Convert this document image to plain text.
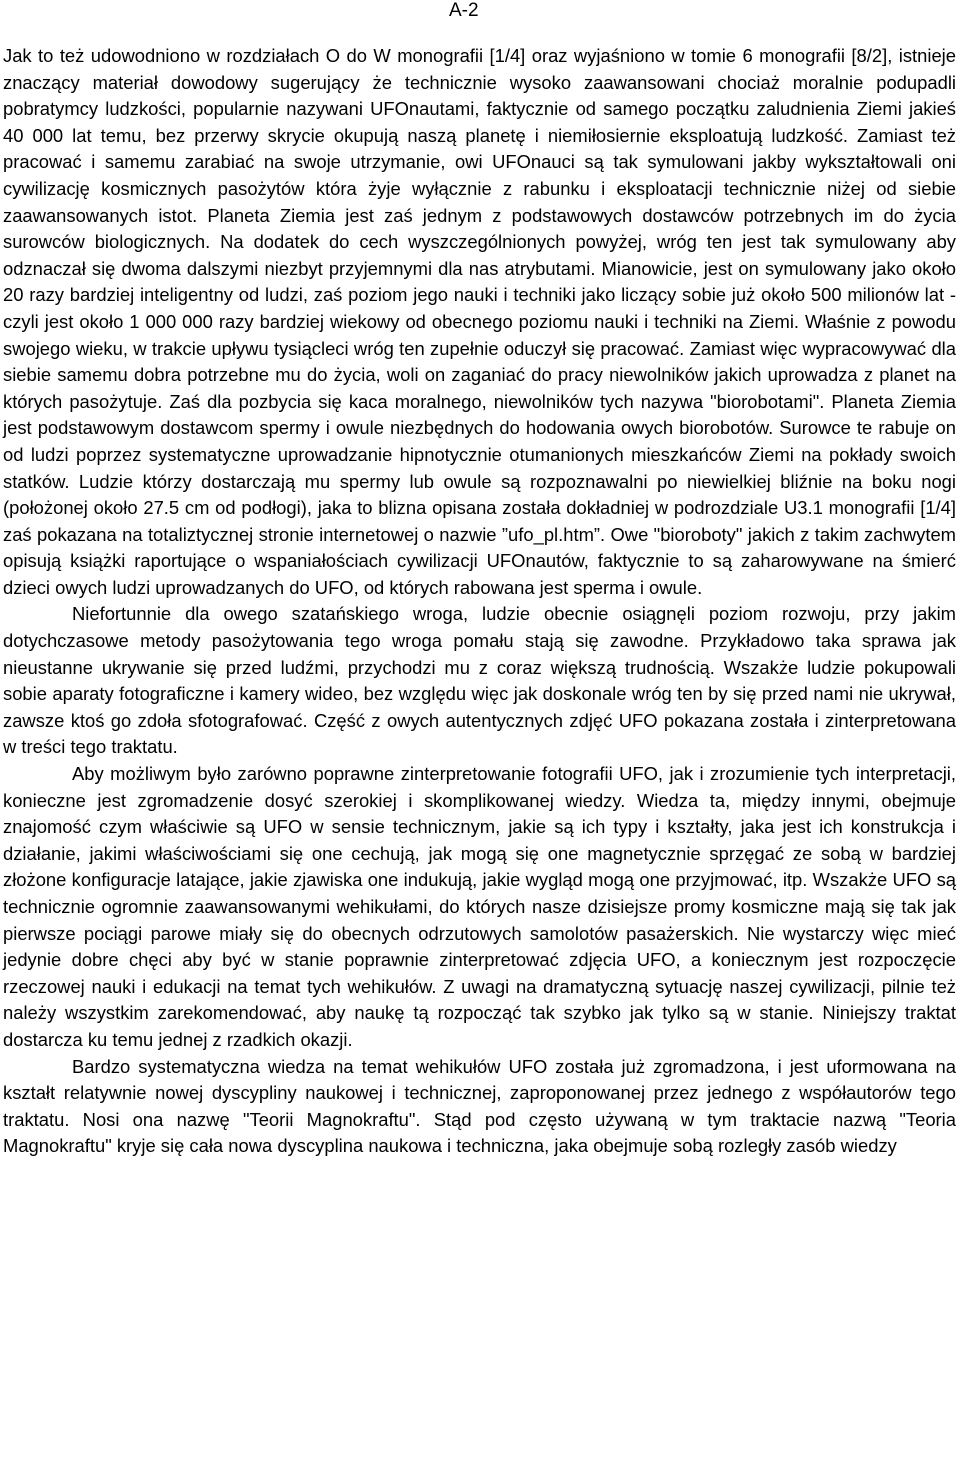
A-2

Jak to też udowodniono w rozdziałach O do W monografii [1/4] oraz wyjaśniono w tomie 6 monografii [8/2], istnieje znaczący materiał dowodowy sugerujący że technicznie wysoko zaawansowani chociaż moralnie podupadli pobratymcy ludzkości, popularnie nazywani UFOnautami, faktycznie od samego początku zaludnienia Ziemi jakieś 40 000 lat temu, bez przerwy skrycie okupują naszą planetę i niemiłosiernie eksploatują ludzkość. Zamiast też pracować i samemu zarabiać na swoje utrzymanie, owi UFOnauci są tak symulowani jakby wykształtowali oni cywilizację kosmicznych pasożytów która żyje wyłącznie z rabunku i eksploatacji technicznie niżej od siebie zaawansowanych istot. Planeta Ziemia jest zaś jednym z podstawowych dostawców potrzebnych im do życia surowców biologicznych. Na dodatek do cech wyszczególnionych powyżej, wróg ten jest tak symulowany aby odznaczał się dwoma dalszymi niezbyt przyjemnymi dla nas atrybutami. Mianowicie, jest on symulowany jako około 20 razy bardziej inteligentny od ludzi, zaś poziom jego nauki i techniki jako liczący sobie już około 500 milionów lat - czyli jest około 1 000 000 razy bardziej wiekowy od obecnego poziomu nauki i techniki na Ziemi. Właśnie z powodu swojego wieku, w trakcie upływu tysiącleci wróg ten zupełnie oduczył się pracować. Zamiast więc wypracowywać dla siebie samemu dobra potrzebne mu do życia, woli on zaganiać do pracy niewolników jakich uprowadza z planet na których pasożytuje. Zaś dla pozbycia się kaca moralnego, niewolników tych nazywa "biorobotami". Planeta Ziemia jest podstawowym dostawcom spermy i owule niezbędnych do hodowania owych biorobotów. Surowce te rabuje on od ludzi poprzez systematyczne uprowadzanie hipnotycznie otumanionych mieszkańców Ziemi na pokłady swoich statków. Ludzie którzy dostarczają mu spermy lub owule są rozpoznawalni po niewielkiej bliźnie na boku nogi (położonej około 27.5 cm od podłogi), jaka to blizna opisana została dokładniej w podrozdziale U3.1 monografii [1/4] zaś pokazana na totaliztycznej stronie internetowej o nazwie ”ufo_pl.htm”. Owe "bioroboty" jakich z takim zachwytem opisują książki raportujące o wspaniałościach cywilizacji UFOnautów, faktycznie to są zaharowywane na śmierć dzieci owych ludzi uprowadzanych do UFO, od których rabowana jest sperma i owule.

Niefortunnie dla owego szatańskiego wroga, ludzie obecnie osiągnęli poziom rozwoju, przy jakim dotychczasowe metody pasożytowania tego wroga pomału stają się zawodne. Przykładowo taka sprawa jak nieustanne ukrywanie się przed ludźmi, przychodzi mu z coraz większą trudnością. Wszakże ludzie pokupowali sobie aparaty fotograficzne i kamery wideo, bez względu więc jak doskonale wróg ten by się przed nami nie ukrywał, zawsze ktoś go zdoła sfotografować. Część z owych autentycznych zdjęć UFO pokazana została i zinterpretowana w treści tego traktatu.

Aby możliwym było zarówno poprawne zinterpretowanie fotografii UFO, jak i zrozumienie tych interpretacji, konieczne jest zgromadzenie dosyć szerokiej i skomplikowanej wiedzy. Wiedza ta, między innymi, obejmuje znajomość czym właściwie są UFO w sensie technicznym, jakie są ich typy i kształty, jaka jest ich konstrukcja i działanie, jakimi właściwościami się one cechują, jak mogą się one magnetycznie sprzęgać ze sobą w bardziej złożone konfiguracje latające, jakie zjawiska one indukują, jakie wygląd mogą one przyjmować, itp. Wszakże UFO są technicznie ogromnie zaawansowanymi wehikułami, do których nasze dzisiejsze promy kosmiczne mają się tak jak pierwsze pociągi parowe miały się do obecnych odrzutowych samolotów pasażerskich. Nie wystarczy więc mieć jedynie dobre chęci aby być w stanie poprawnie zinterpretować zdjęcia UFO, a koniecznym jest rozpoczęcie rzeczowej nauki i edukacji na temat tych wehikułów. Z uwagi na dramatyczną sytuację naszej cywilizacji, pilnie też należy wszystkim zarekomendować, aby naukę tą rozpocząć tak szybko jak tylko są w stanie. Niniejszy traktat dostarcza ku temu jednej z rzadkich okazji.

Bardzo systematyczna wiedza na temat wehikułów UFO została już zgromadzona, i jest uformowana na kształt relatywnie nowej dyscypliny naukowej i technicznej, zaproponowanej przez jednego z współautorów tego traktatu. Nosi ona nazwę "Teorii Magnokraftu". Stąd pod często używaną w tym traktacie nazwą "Teoria Magnokraftu" kryje się cała nowa dyscyplina naukowa i techniczna, jaka obejmuje sobą rozległy zasób wiedzy
